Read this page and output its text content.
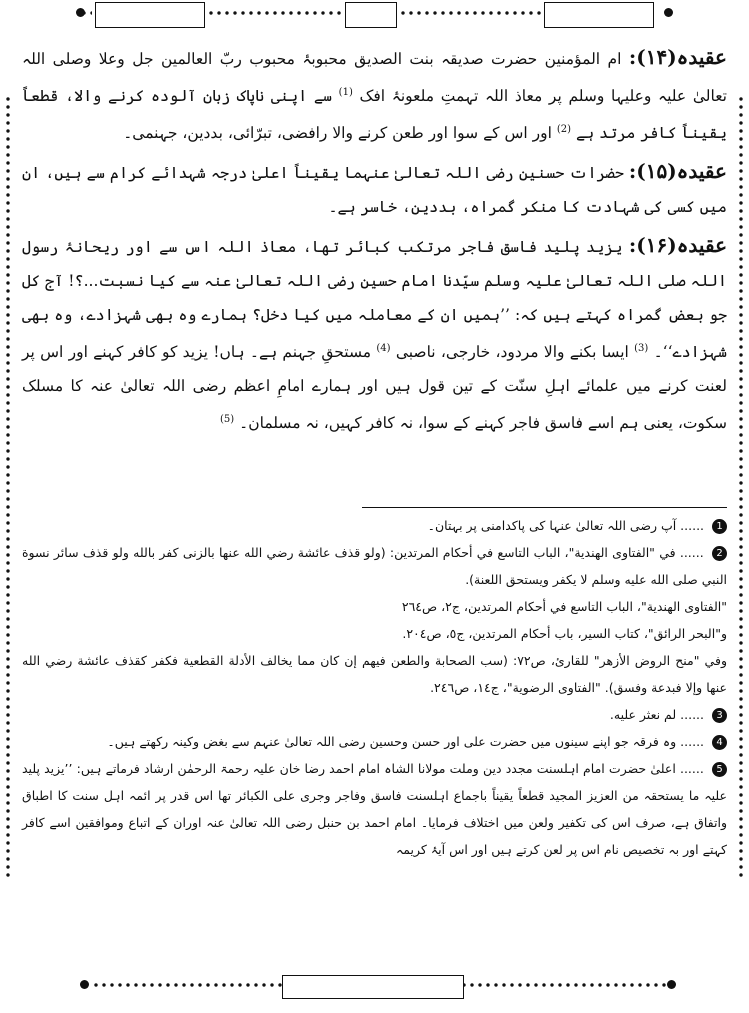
عقیدہ(۱۴): ام المؤمنین حضرت صدیقہ بنت الصدیق محبوبۂ محبوب ربّ العالمین جل وعلا وصلی اللہ تعالیٰ علیہ وعلیہا وسلم پر معاذ اللہ تہمتِ ملعونۂ افک $^{(1)}$ سے اپنی ناپاک زبان آلودہ کرنے والا، قطعاً یقیناً کافر مرتد ہے $^{(2)}$ اور اس کے سوا اور طعن کرنے والا رافضی، تبرّائی، بددین، جہنمی۔

عقیدہ(۱۵): حضرات حسنین رضی اللہ تعالیٰ عنہما یقیناً اعلیٰ درجہ شہدائے کرام سے ہیں، ان میں کسی کی شہادت کا منکر گمراہ، بددین، خاسر ہے۔

عقیدہ(۱۶): یزید پلید فاسق فاجر مرتکب کبائر تھا، معاذ اللہ اس سے اور ریحانۂ رسول اللہ صلی اللہ تعالیٰ علیہ وسلم سیّدنا امام حسین رضی اللہ تعالیٰ عنہ سے کیا نسبت...؟! آج کل جو بعض گمراہ کہتے ہیں کہ: ’’ہمیں ان کے معاملہ میں کیا دخل؟ ہمارے وہ بھی شہزادے، وہ بھی شہزادے‘‘۔ $^{(3)}$ ایسا بکنے والا مردود، خارجی، ناصبی $^{(4)}$ مستحقِ جہنم ہے۔ ہاں! یزید کو کافر کہنے اور اس پر لعنت کرنے میں علمائے اہلِ سنّت کے تین قول ہیں اور ہمارے امامِ اعظم رضی اللہ تعالیٰ عنہ کا مسلک سکوت، یعنی ہم اسے فاسق فاجر کہنے کے سوا، نہ کافر کہیں، نہ مسلمان۔ $^{(5)}$

1 ...... آپ رضی اللہ تعالیٰ عنہا کی پاکدامنی پر بہتان۔

2 ...... في "الفتاوى الهندية"، الباب التاسع في أحكام المرتدين: (ولو قذف عائشة رضي الله عنها بالزنى كفر بالله ولو قذف سائر نسوة النبي صلى الله عليه وسلم لا يكفر ويستحق اللعنة).

"الفتاوى الهندية"، الباب التاسع في أحكام المرتدين، ج٢، ص٢٦٤

و"البحر الرائق"، كتاب السير، باب أحكام المرتدين، ج٥، ص٢٠٤.

وفي "منح الروض الأزهر" للقارئ، ص٧٢: (سب الصحابة والطعن فيهم إن كان مما يخالف الأدلة القطعية فكفر كقذف عائشة رضي الله عنها وإلا فبدعة وفسق). "الفتاوى الرضوية"، ج١٤، ص٢٤٦.

3 ...... لم نعثر عليه.

4 ...... وہ فرقہ جو اپنے سینوں میں حضرت علی اور حسن وحسین رضی اللہ تعالیٰ عنہم سے بغض وکینہ رکھتے ہیں۔

5 ...... اعلیٰ حضرت امام اہلسنت مجدد دین وملت مولانا الشاہ امام احمد رضا خان علیہ رحمۃ الرحمٰن ارشاد فرماتے ہیں: ’’یزید پلید علیہ ما یستحقہ من العزیز المجید قطعاً یقیناً باجماع اہلسنت فاسق وفاجر وجری علی الکبائر تھا اس قدر پر ائمہ اہل سنت کا اطباق واتفاق ہے، صرف اس کی تکفیر ولعن میں اختلاف فرمایا۔ امام احمد بن حنبل رضی اللہ تعالیٰ عنہ اوران کے اتباع وموافقین اسے کافر کہتے اور بہ تخصیص نام اس پر لعن کرتے ہیں اور اس آیۂ کریمہ
